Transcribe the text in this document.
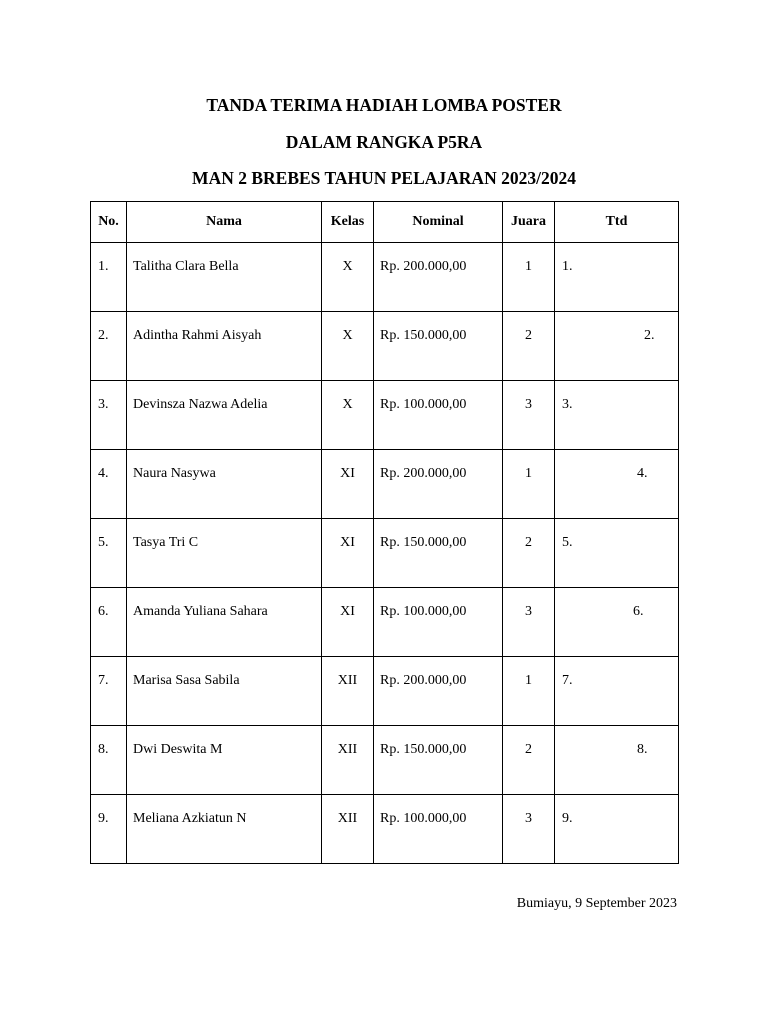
TANDA TERIMA HADIAH LOMBA POSTER
DALAM RANGKA P5RA
MAN 2 BREBES TAHUN PELAJARAN 2023/2024
No.	Nama	Kelas	Nominal	Juara	Ttd
1.	Talitha Clara Bella	X	Rp. 200.000,00	1	1.

2.	Adintha Rahmi Aisyah	X	Rp. 150.000,00	2	2.

3.	Devinsza Nazwa Adelia	X	Rp. 100.000,00	3	3.

4.	Naura Nasywa	XI	Rp. 200.000,00	1	4.

5.	Tasya Tri C	XI	Rp. 150.000,00	2	5.

6.	Amanda Yuliana Sahara	XI	Rp. 100.000,00	3	6.

7.	Marisa Sasa Sabila	XII	Rp. 200.000,00	1	7.

8.	Dwi Deswita M	XII	Rp. 150.000,00	2	8.

9.	Meliana Azkiatun N	XII	Rp. 100.000,00	3	9.
Bumiayu, 9 September 2023
